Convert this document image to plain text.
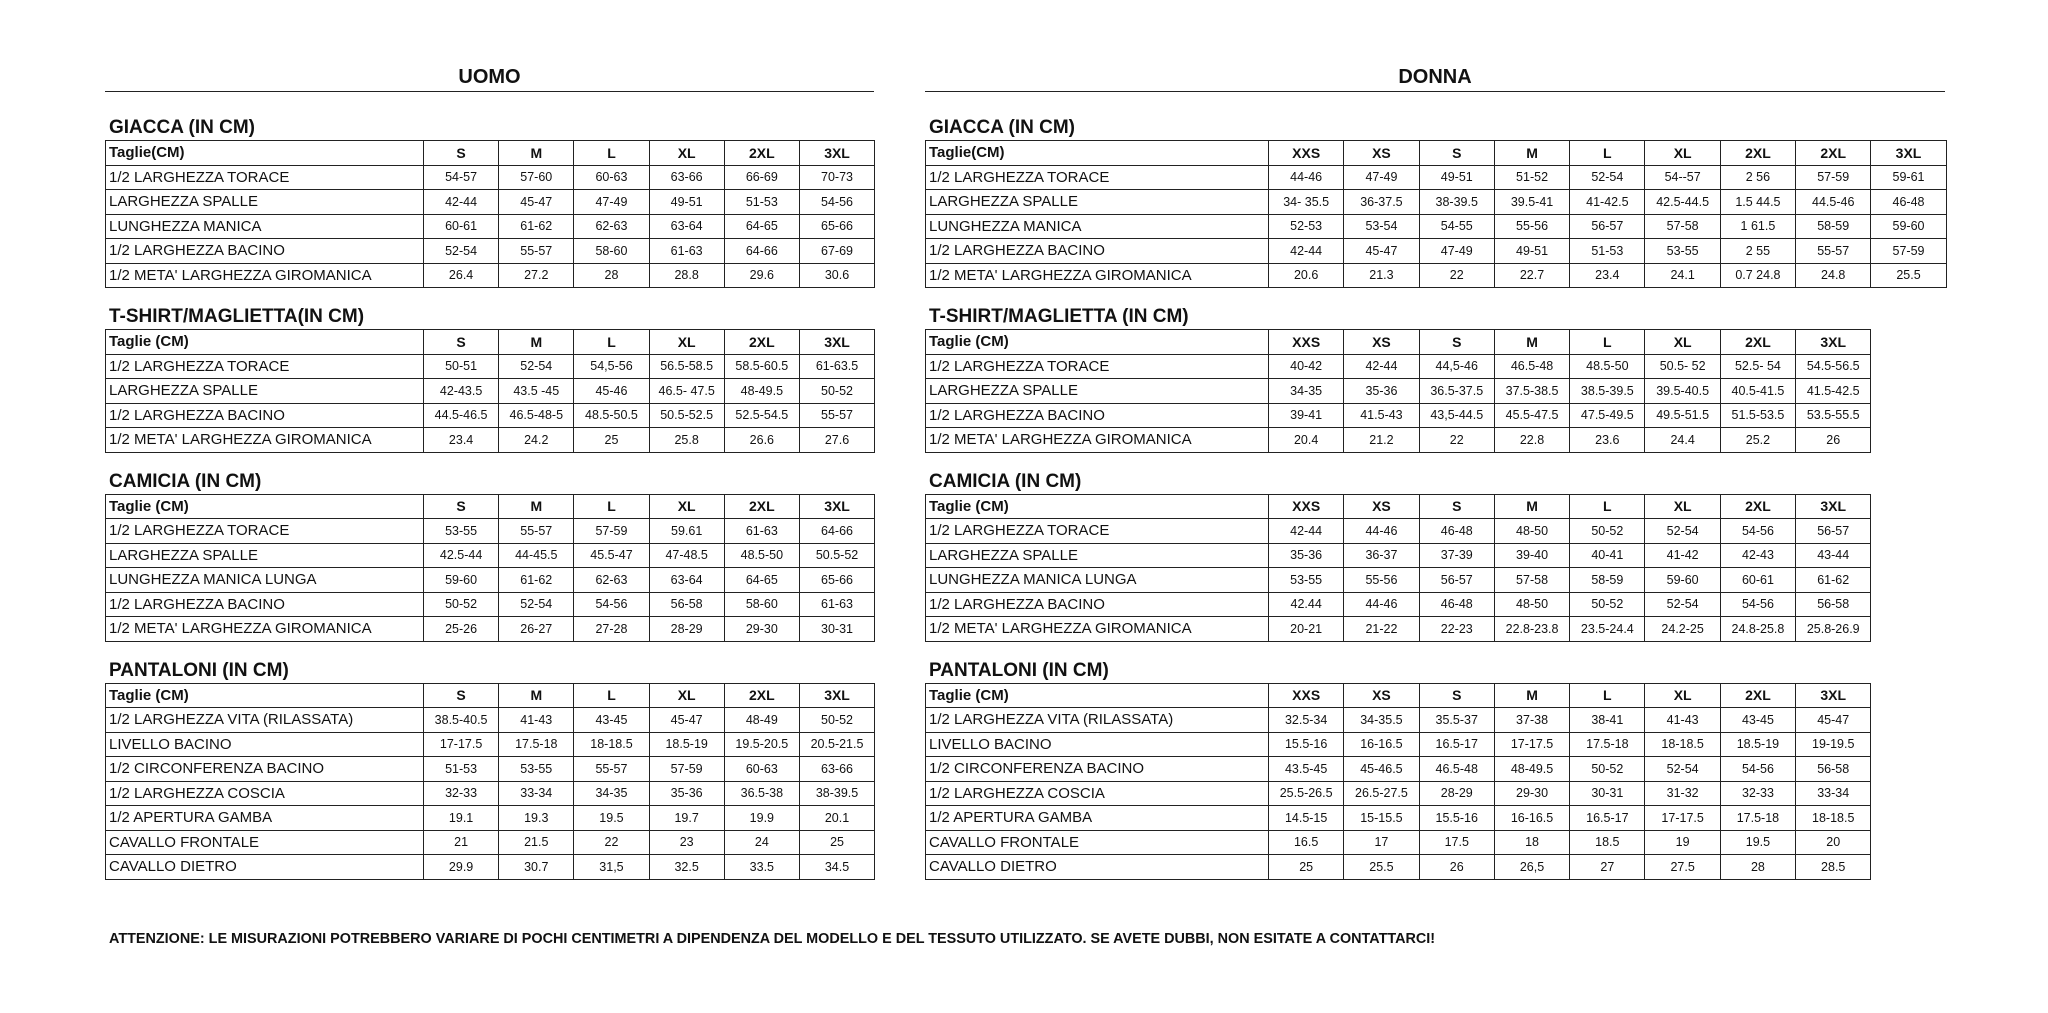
UOMO
GIACCA (IN CM)
Taglie(CM)	S	M	L	XL	2XL	3XL
1/2 LARGHEZZA TORACE	54-57	57-60	60-63	63-66	66-69	70-73
LARGHEZZA SPALLE	42-44	45-47	47-49	49-51	51-53	54-56
LUNGHEZZA MANICA	60-61	61-62	62-63	63-64	64-65	65-66
1/2 LARGHEZZA BACINO	52-54	55-57	58-60	61-63	64-66	67-69
1/2 META' LARGHEZZA GIROMANICA	26.4	27.2	28	28.8	29.6	30.6
T-SHIRT/MAGLIETTA(IN CM)
Taglie (CM)	S	M	L	XL	2XL	3XL
1/2 LARGHEZZA TORACE	50-51	52-54	54,5-56	56.5-58.5	58.5-60.5	61-63.5
LARGHEZZA SPALLE	42-43.5	43.5 -45	45-46	46.5- 47.5	48-49.5	50-52
1/2 LARGHEZZA BACINO	44.5-46.5	46.5-48-5	48.5-50.5	50.5-52.5	52.5-54.5	55-57
1/2 META' LARGHEZZA GIROMANICA	23.4	24.2	25	25.8	26.6	27.6
CAMICIA (IN CM)
Taglie (CM)	S	M	L	XL	2XL	3XL
1/2 LARGHEZZA TORACE	53-55	55-57	57-59	59.61	61-63	64-66
LARGHEZZA SPALLE	42.5-44	44-45.5	45.5-47	47-48.5	48.5-50	50.5-52
LUNGHEZZA MANICA LUNGA	59-60	61-62	62-63	63-64	64-65	65-66
1/2 LARGHEZZA BACINO	50-52	52-54	54-56	56-58	58-60	61-63
1/2 META' LARGHEZZA GIROMANICA	25-26	26-27	27-28	28-29	29-30	30-31
PANTALONI (IN CM)
Taglie (CM)	S	M	L	XL	2XL	3XL
1/2 LARGHEZZA VITA (RILASSATA)	38.5-40.5	41-43	43-45	45-47	48-49	50-52
LIVELLO BACINO	17-17.5	17.5-18	18-18.5	18.5-19	19.5-20.5	20.5-21.5
1/2 CIRCONFERENZA BACINO	51-53	53-55	55-57	57-59	60-63	63-66
1/2 LARGHEZZA COSCIA	32-33	33-34	34-35	35-36	36.5-38	38-39.5
1/2 APERTURA GAMBA	19.1	19.3	19.5	19.7	19.9	20.1
CAVALLO FRONTALE	21	21.5	22	23	24	25
CAVALLO DIETRO	29.9	30.7	31,5	32.5	33.5	34.5
DONNA
GIACCA (IN CM)
Taglie(CM)	XXS	XS	S	M	L	XL	2XL	2XL	3XL
1/2 LARGHEZZA TORACE	44-46	47-49	49-51	51-52	52-54	54--57	2 56	57-59	59-61
LARGHEZZA SPALLE	34- 35.5	36-37.5	38-39.5	39.5-41	41-42.5	42.5-44.5	1.5 44.5	44.5-46	46-48
LUNGHEZZA MANICA	52-53	53-54	54-55	55-56	56-57	57-58	1 61.5	58-59	59-60
1/2 LARGHEZZA BACINO	42-44	45-47	47-49	49-51	51-53	53-55	2 55	55-57	57-59
1/2 META' LARGHEZZA GIROMANICA	20.6	21.3	22	22.7	23.4	24.1	0.7 24.8	24.8	25.5
T-SHIRT/MAGLIETTA (IN CM)
Taglie (CM)	XXS	XS	S	M	L	XL	2XL	3XL
1/2 LARGHEZZA TORACE	40-42	42-44	44,5-46	46.5-48	48.5-50	50.5- 52	52.5- 54	54.5-56.5
LARGHEZZA SPALLE	34-35	35-36	36.5-37.5	37.5-38.5	38.5-39.5	39.5-40.5	40.5-41.5	41.5-42.5
1/2 LARGHEZZA BACINO	39-41	41.5-43	43,5-44.5	45.5-47.5	47.5-49.5	49.5-51.5	51.5-53.5	53.5-55.5
1/2 META' LARGHEZZA GIROMANICA	20.4	21.2	22	22.8	23.6	24.4	25.2	26
CAMICIA (IN CM)
Taglie (CM)	XXS	XS	S	M	L	XL	2XL	3XL
1/2 LARGHEZZA TORACE	42-44	44-46	46-48	48-50	50-52	52-54	54-56	56-57
LARGHEZZA SPALLE	35-36	36-37	37-39	39-40	40-41	41-42	42-43	43-44
LUNGHEZZA MANICA LUNGA	53-55	55-56	56-57	57-58	58-59	59-60	60-61	61-62
1/2 LARGHEZZA BACINO	42.44	44-46	46-48	48-50	50-52	52-54	54-56	56-58
1/2 META' LARGHEZZA GIROMANICA	20-21	21-22	22-23	22.8-23.8	23.5-24.4	24.2-25	24.8-25.8	25.8-26.9
PANTALONI (IN CM)
Taglie (CM)	XXS	XS	S	M	L	XL	2XL	3XL
1/2 LARGHEZZA VITA (RILASSATA)	32.5-34	34-35.5	35.5-37	37-38	38-41	41-43	43-45	45-47
LIVELLO BACINO	15.5-16	16-16.5	16.5-17	17-17.5	17.5-18	18-18.5	18.5-19	19-19.5
1/2 CIRCONFERENZA BACINO	43.5-45	45-46.5	46.5-48	48-49.5	50-52	52-54	54-56	56-58
1/2 LARGHEZZA COSCIA	25.5-26.5	26.5-27.5	28-29	29-30	30-31	31-32	32-33	33-34
1/2 APERTURA GAMBA	14.5-15	15-15.5	15.5-16	16-16.5	16.5-17	17-17.5	17.5-18	18-18.5
CAVALLO FRONTALE	16.5	17	17.5	18	18.5	19	19.5	20
CAVALLO DIETRO	25	25.5	26	26,5	27	27.5	28	28.5
ATTENZIONE: LE MISURAZIONI POTREBBERO VARIARE DI POCHI CENTIMETRI A DIPENDENZA DEL MODELLO E DEL TESSUTO UTILIZZATO. SE AVETE DUBBI, NON ESITATE A CONTATTARCI!
